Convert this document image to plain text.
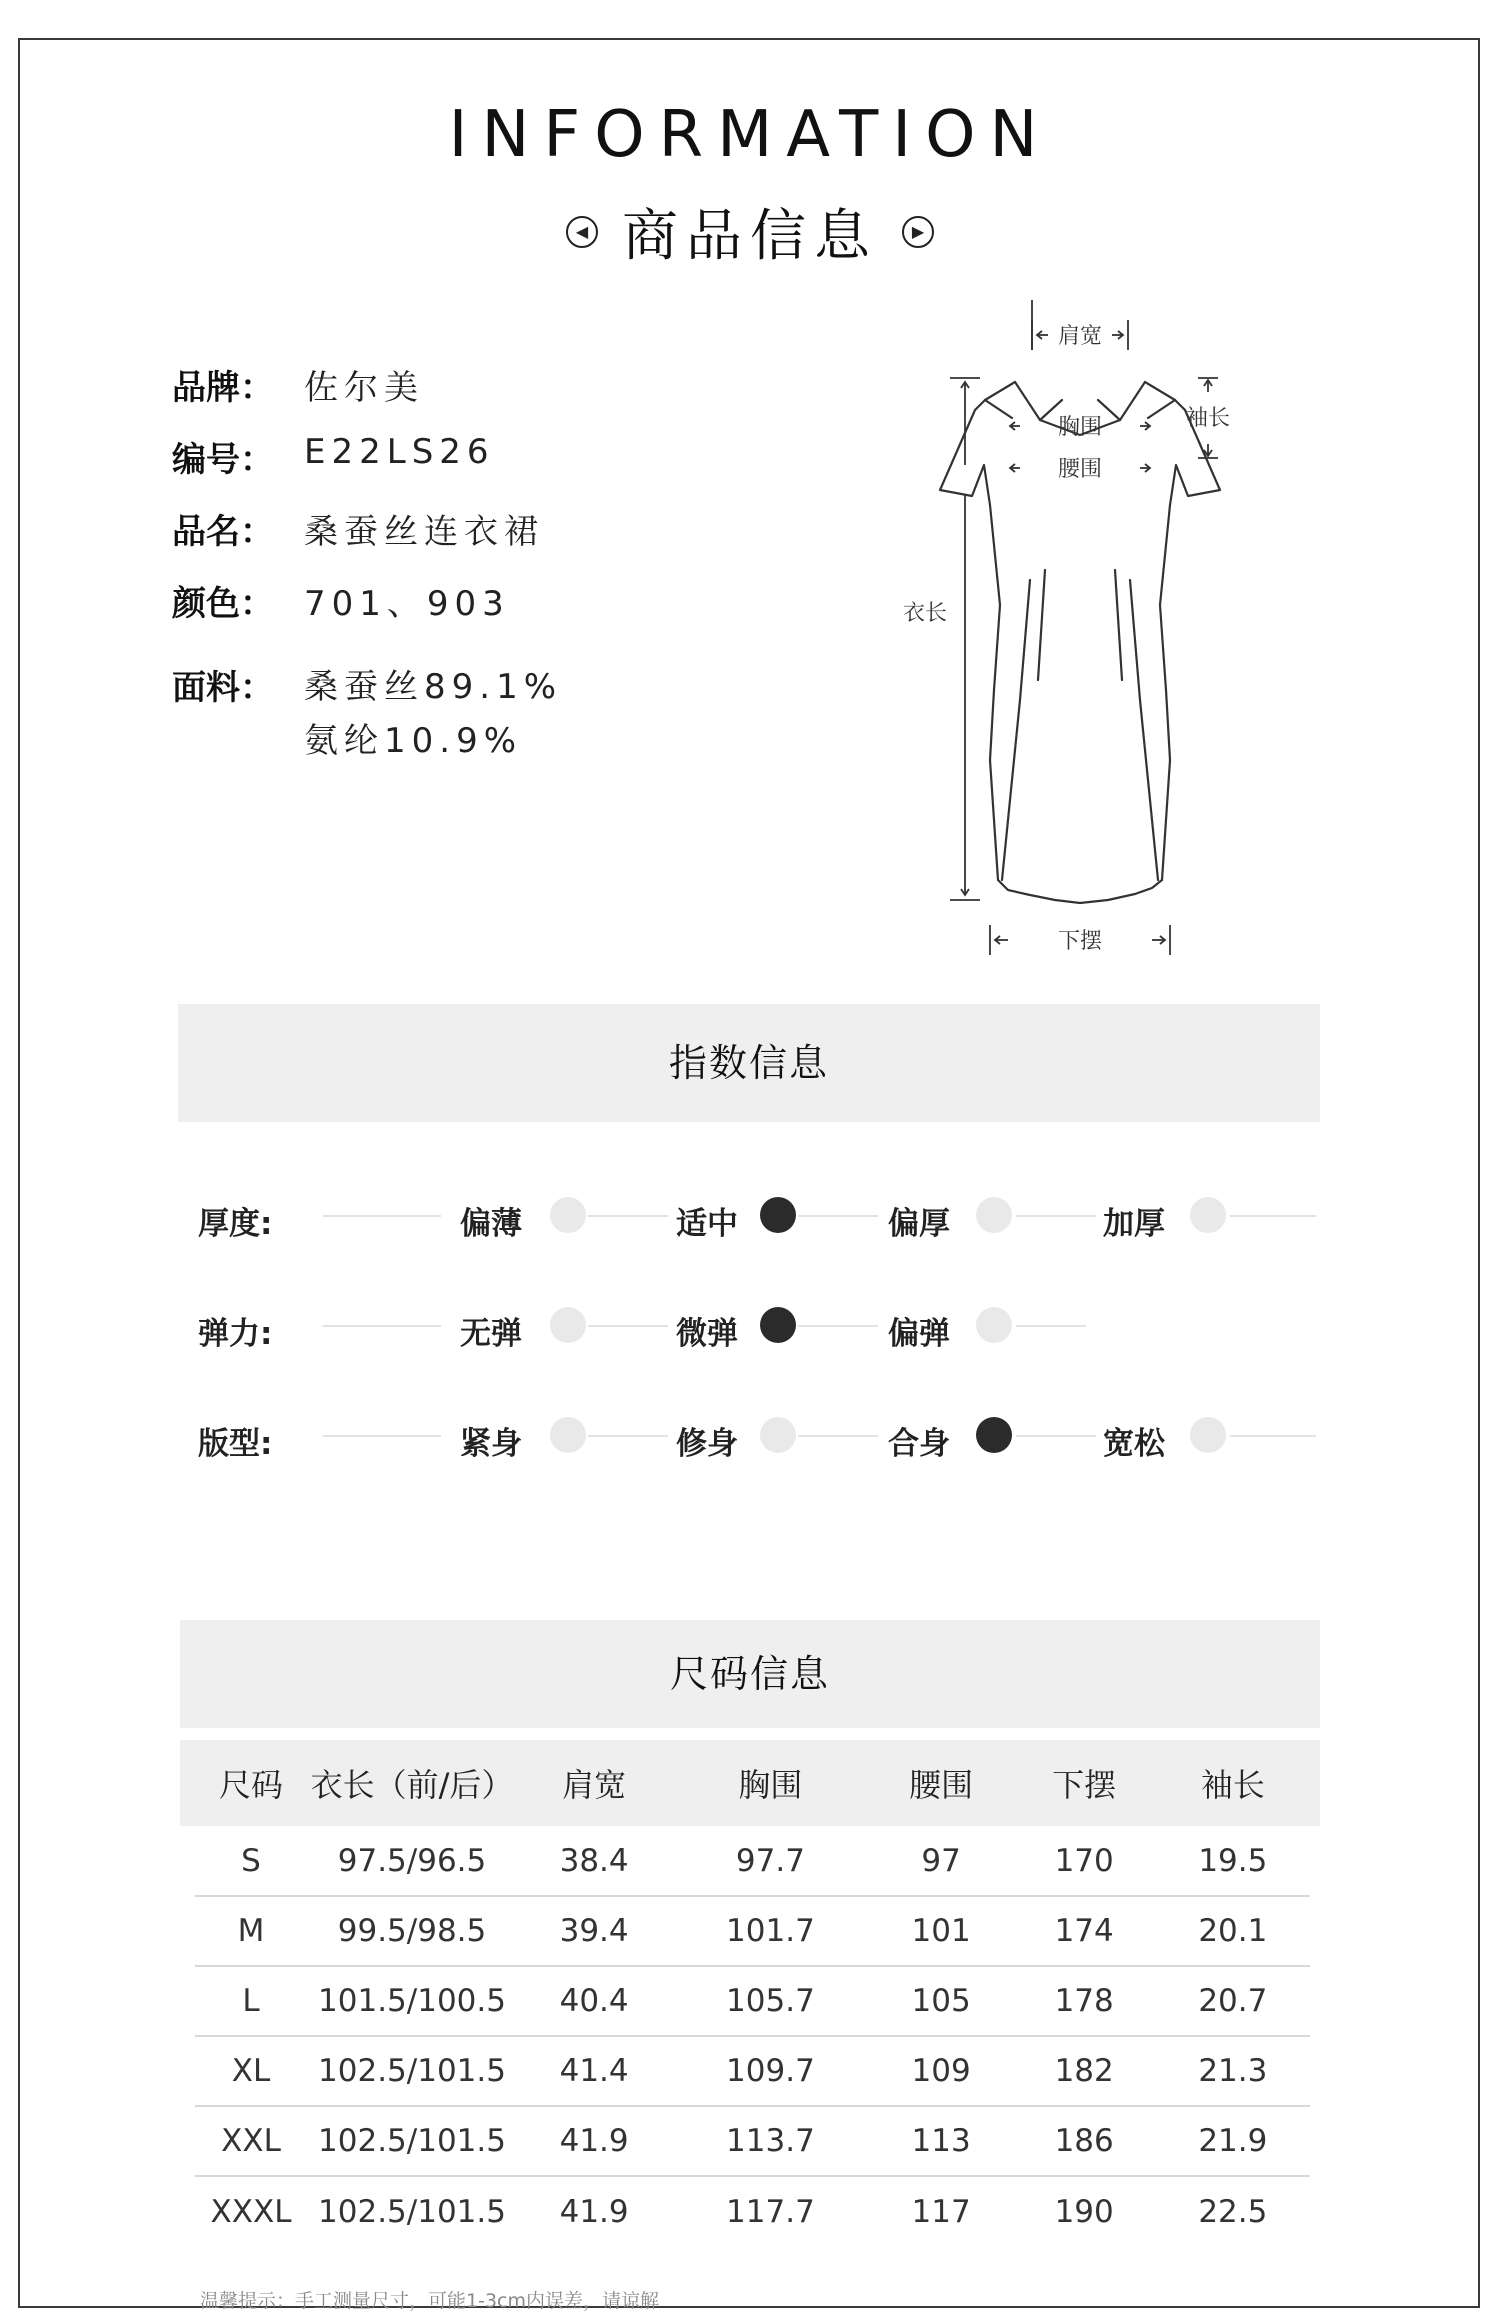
INFORMATION
◀ 商品信息	▶
品牌： 佐尔美
编号： E22LS26
品名： 桑蚕丝连衣裙
颜色： 701、903
面料： 桑蚕丝89.1%
氨纶10.9%
肩宽
袖长
胸围
腰围
衣长
下摆
指数信息
厚度:	偏薄	适中	偏厚	加厚
弹力:	无弹	微弹	偏弹
版型:	紧身	修身	合身	宽松
尺码信息
尺码	衣长（前/后）	肩宽	胸围	腰围	下摆	袖长
S	97.5/96.5	38.4	97.7	97	170	19.5
M	99.5/98.5	39.4	101.7	101	174	20.1
L	101.5/100.5	40.4	105.7	105	178	20.7
XL	102.5/101.5	41.4	109.7	109	182	21.3
XXL	102.5/101.5	41.9	113.7	113	186	21.9
XXXL	102.5/101.5	41.9	117.7	117	190	22.5
温馨提示：手工测量尺寸，可能1-3cm内误差，请谅解
